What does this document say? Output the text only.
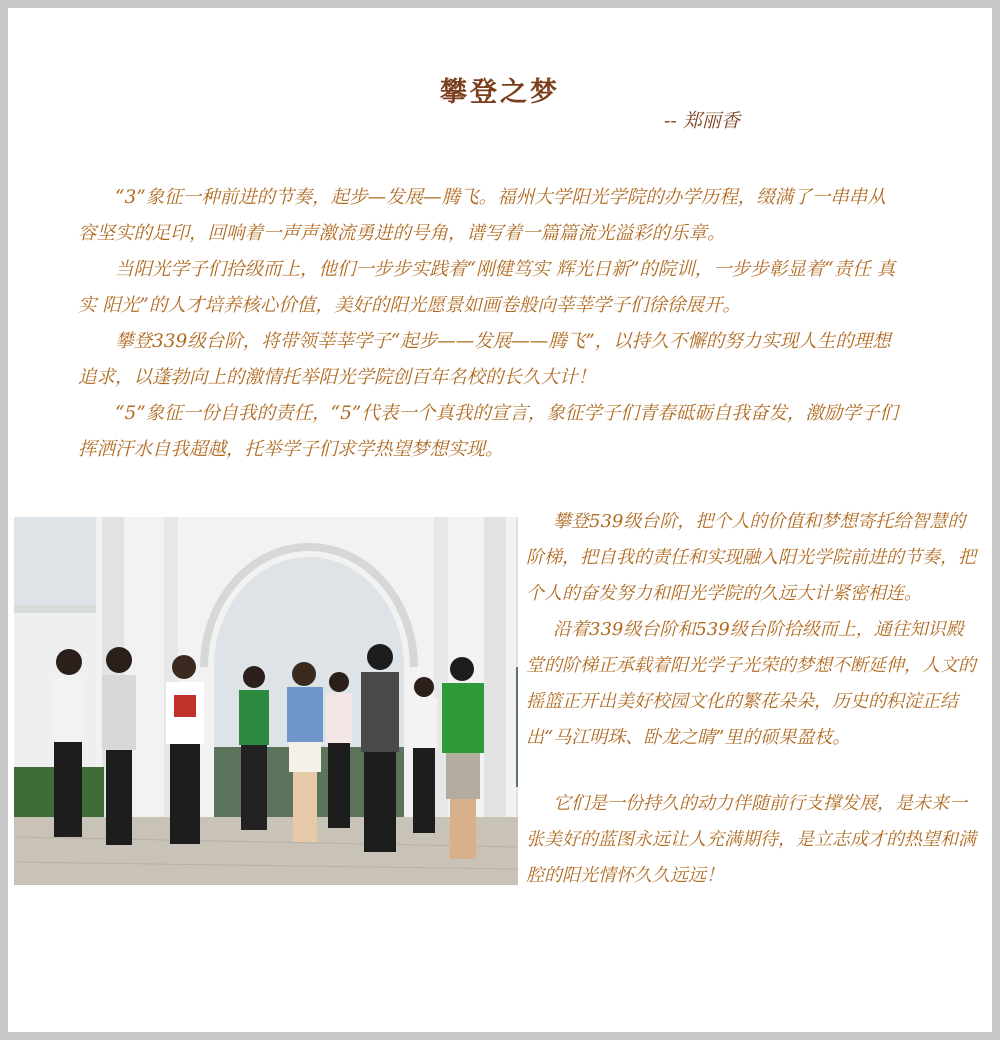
攀登之梦
-- 郑丽香

“3”象征一种前进的节奏，起步—发展—腾飞。福州大学阳光学院的办学历程，缀满了一串串从容坚实的足印，回响着一声声激流勇进的号角，谱写着一篇篇流光溢彩的乐章。

当阳光学子们拾级而上，他们一步步实践着“刚健笃实 辉光日新”的院训，一步步彰显着“责任 真实 阳光”的人才培养核心价值，美好的阳光愿景如画卷般向莘莘学子们徐徐展开。

攀登339级台阶，将带领莘莘学子“起步——发展——腾飞”，以持久不懈的努力实现人生的理想追求，以蓬勃向上的激情托举阳光学院创百年名校的长久大计！

“5”象征一份自我的责任，“5”代表一个真我的宣言，象征学子们青春砥砺自我奋发，激励学子们挥洒汗水自我超越，托举学子们求学热望梦想实现。

攀登539级台阶，把个人的价值和梦想寄托给智慧的阶梯，把自我的责任和实现融入阳光学院前进的节奏，把个人的奋发努力和阳光学院的久远大计紧密相连。

沿着339级台阶和539级台阶拾级而上，通往知识殿堂的阶梯正承载着阳光学子光荣的梦想不断延伸，人文的摇篮正开出美好校园文化的繁花朵朵，历史的积淀正结出“马江明珠、卧龙之睛”里的硕果盈枝。

它们是一份持久的动力伴随前行支撑发展，是未来一张美好的蓝图永远让人充满期待，是立志成才的热望和满腔的阳光情怀久久远远！
